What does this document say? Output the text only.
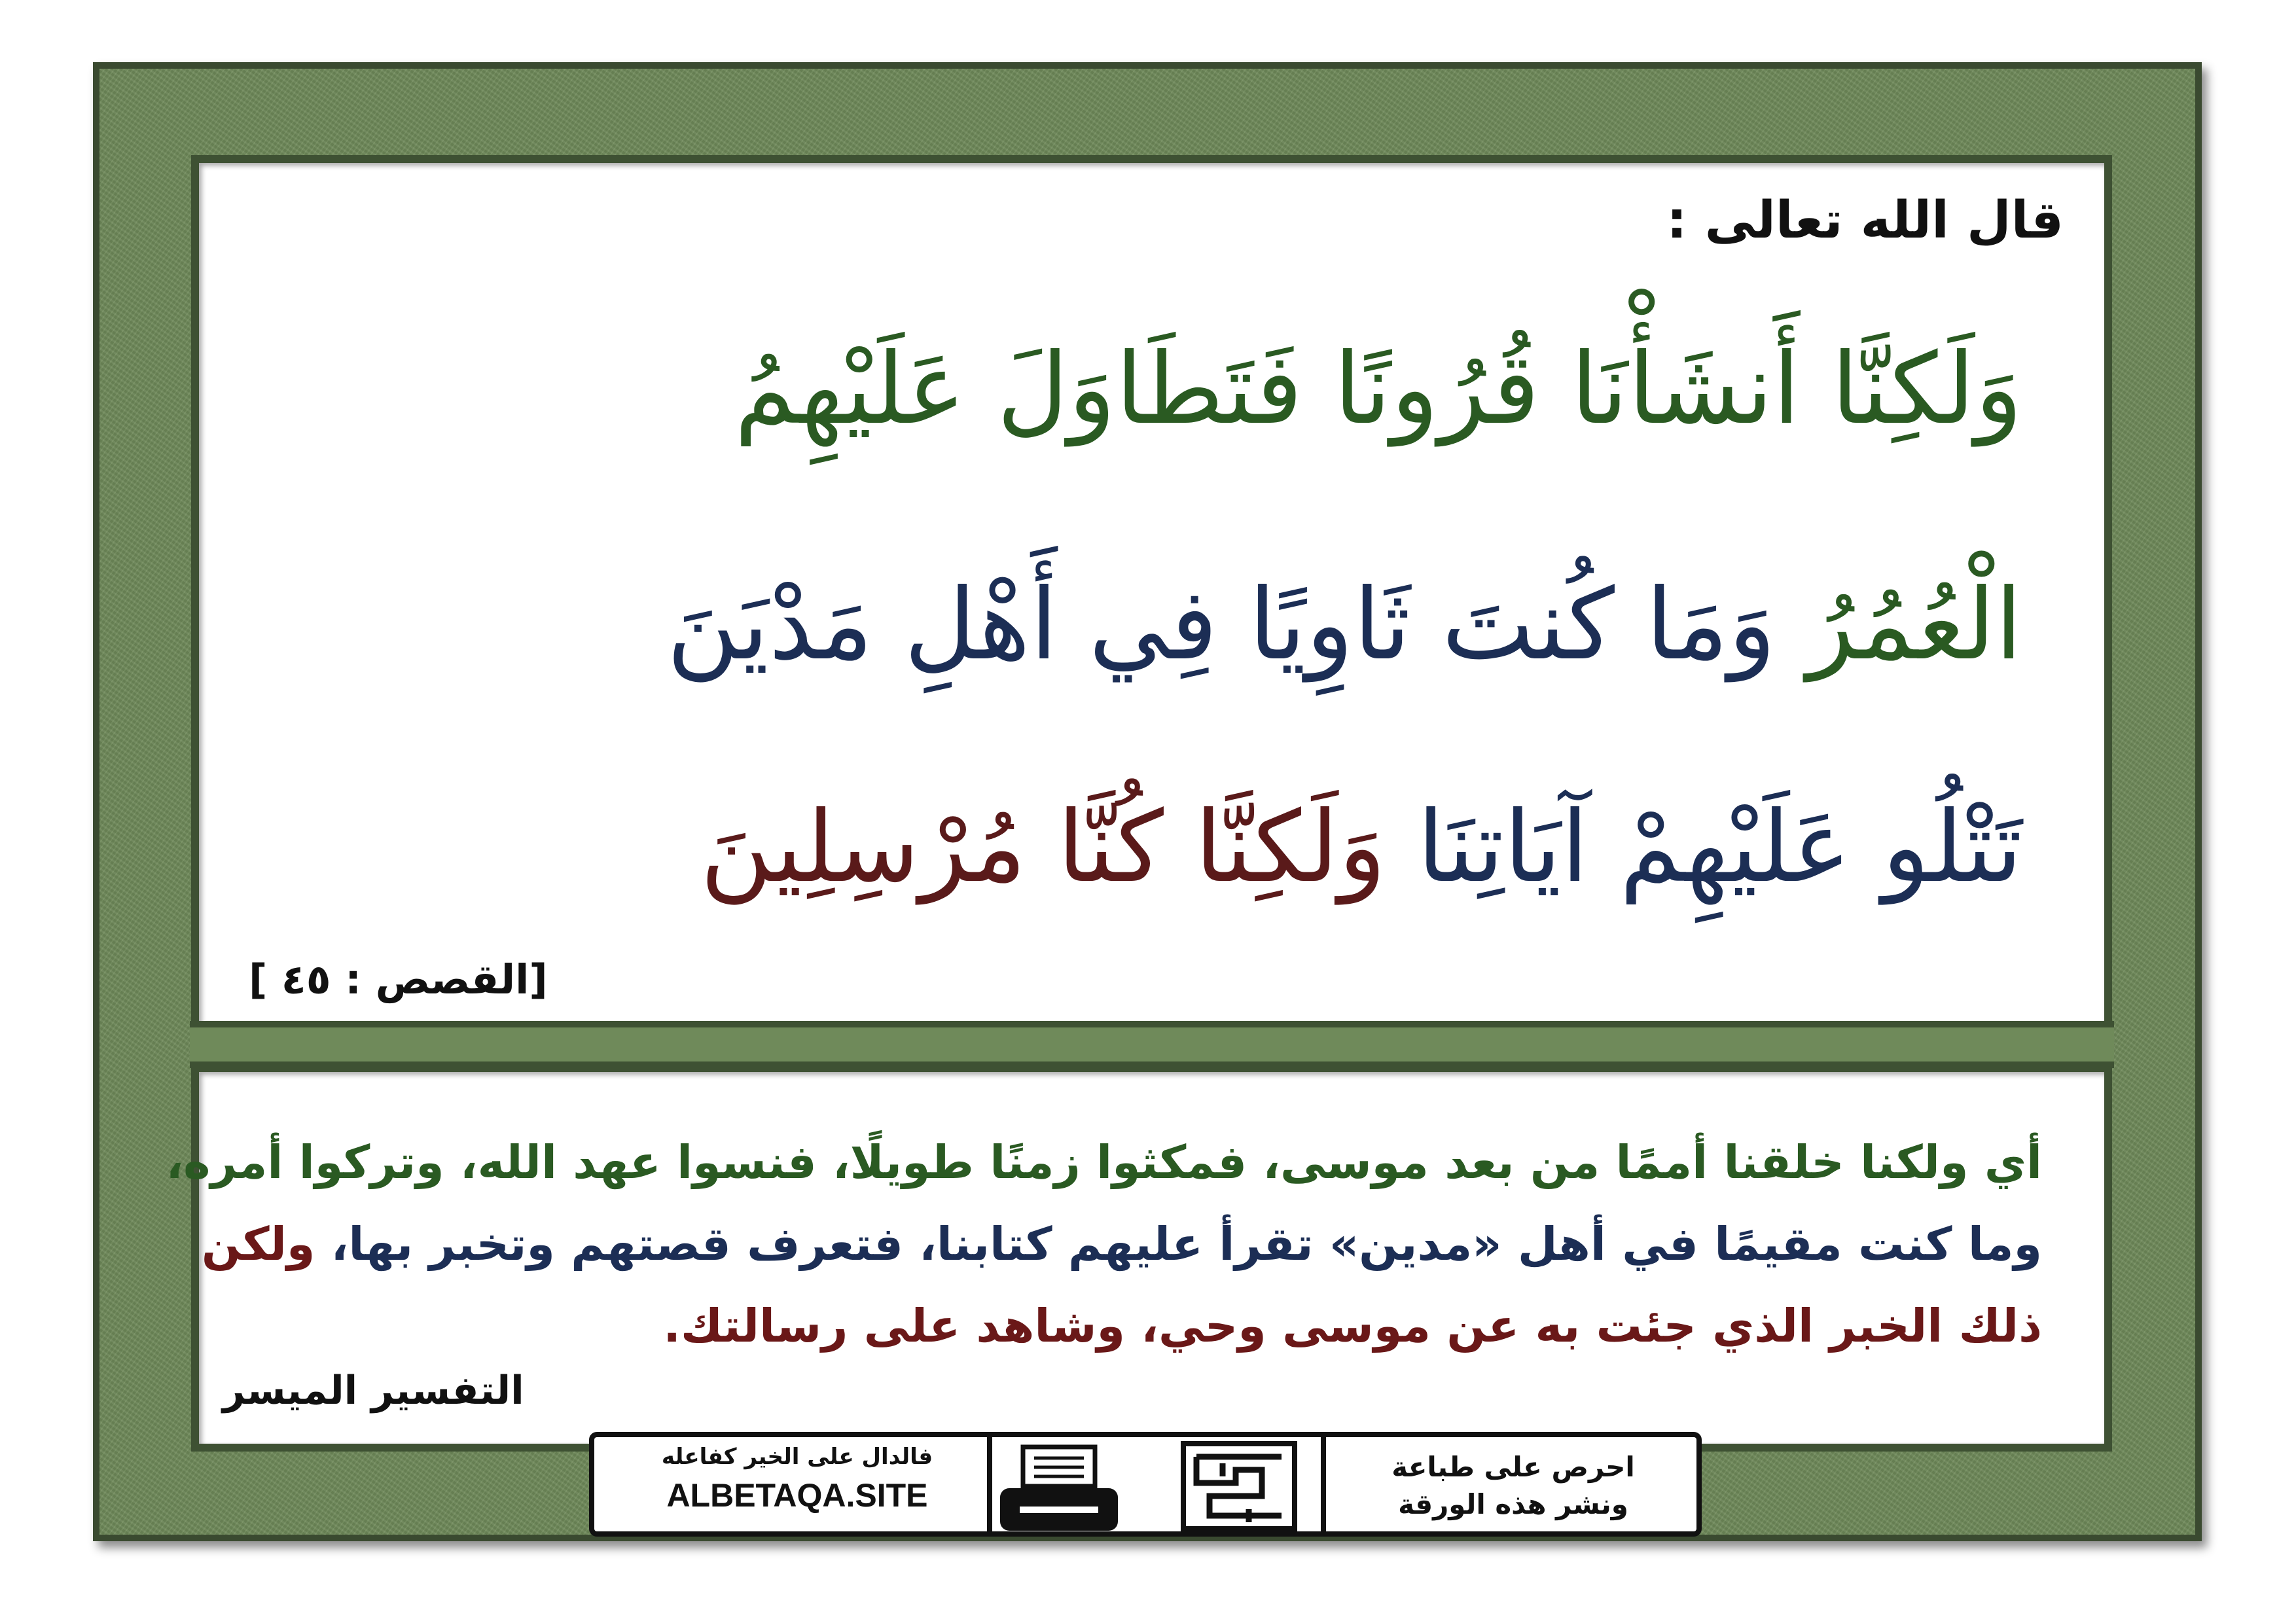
قال الله تعالى :
وَلَكِنَّا أَنشَأْنَا قُرُونًا فَتَطَاوَلَ عَلَيْهِمُ
الْعُمُرُ وَمَا كُنتَ ثَاوِيًا فِي أَهْلِ مَدْيَنَ
تَتْلُو عَلَيْهِمْ آيَاتِنَا وَلَكِنَّا كُنَّا مُرْسِلِينَ
[القصص : ٤٥ ]
أي ولكنا خلقنا أممًا من بعد موسى، فمكثوا زمنًا طويلًا، فنسوا عهد الله، وتركوا أمره،
وما كنت مقيمًا في أهل «مدين» تقرأ عليهم كتابنا، فتعرف قصتهم وتخبر بها، ولكن
ذلك الخبر الذي جئت به عن موسى وحي، وشاهد على رسالتك.
التفسير الميسر
فالدال على الخير كفاعله
ALBETAQA.SITE
احرص على طباعة
ونشر هذه الورقة
